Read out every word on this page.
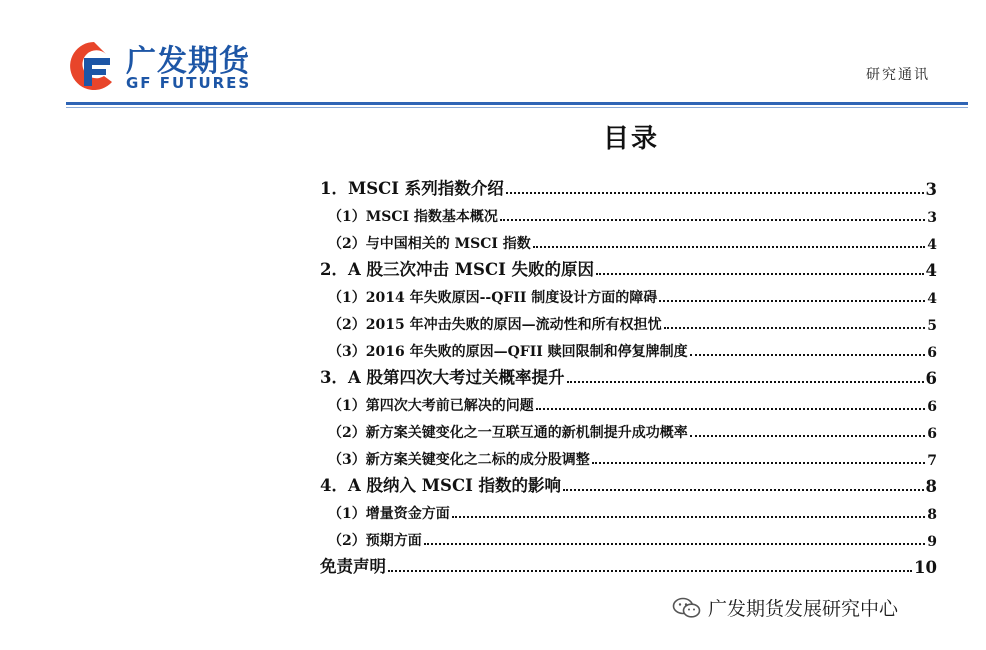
广发期货
GF FUTURES	研究通讯
目录
1．MSCI 系列指数介绍	3
（1）MSCI 指数基本概况	3
（2）与中国相关的 MSCI 指数	4
2．A 股三次冲击 MSCI 失败的原因	4
（1）2014 年失败原因--QFII 制度设计方面的障碍	4
（2）2015 年冲击失败的原因—流动性和所有权担忧	5
（3）2016 年失败的原因—QFII 赎回限制和停复牌制度	6
3．A 股第四次大考过关概率提升	6
（1）第四次大考前已解决的问题	6
（2）新方案关键变化之一互联互通的新机制提升成功概率	6
（3）新方案关键变化之二标的成分股调整	7
4．A 股纳入 MSCI 指数的影响	8
（1）增量资金方面	8
（2）预期方面	9
免责声明	10
广发期货发展研究中心
